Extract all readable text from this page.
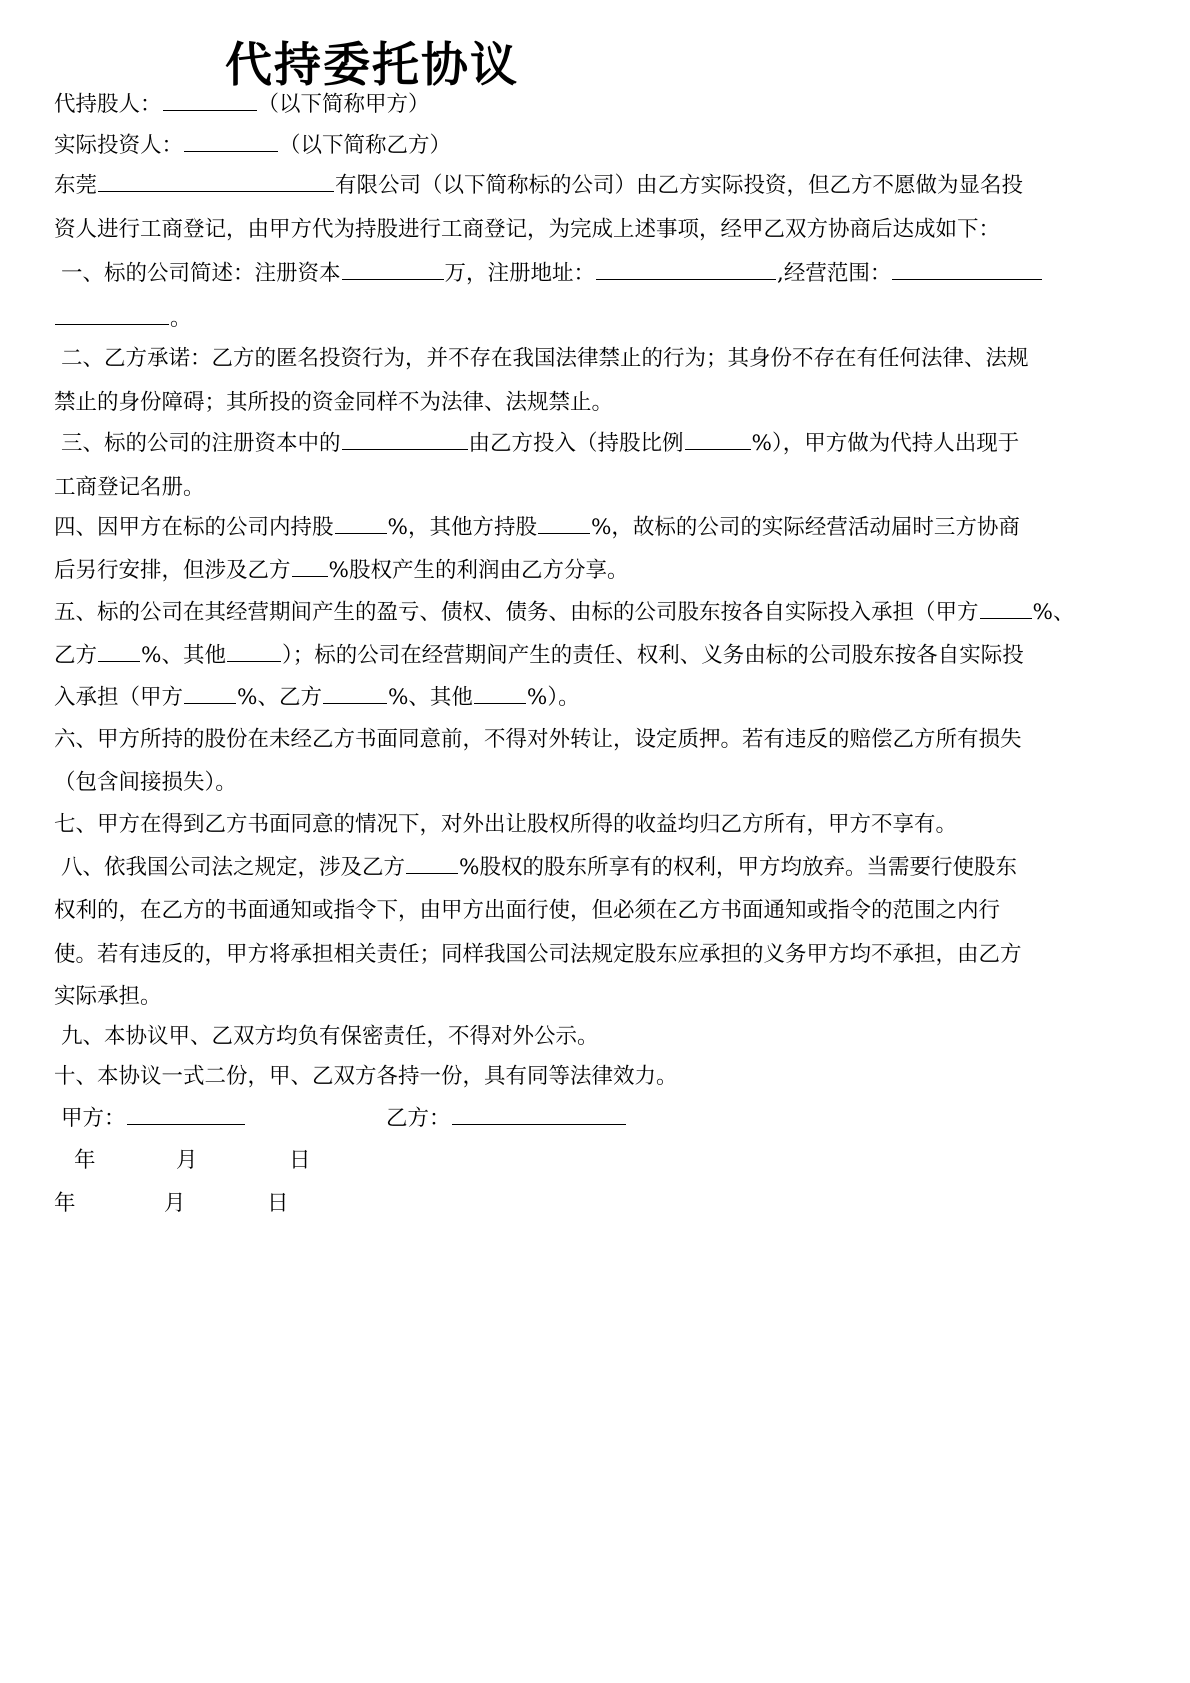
代持委托协议
代持股人：	（以下简称甲方）
实际投资人：	（以下简称乙方）
东莞	有限公司（以下简称标的公司）由乙方实际投资，但乙方不愿做为显名投
资人进行工商登记，由甲方代为持股进行工商登记，为完成上述事项，经甲乙双方协商后达成如下：
一、标的公司简述：注册资本	万，注册地址：	,经营范围：
。
二、乙方承诺：乙方的匿名投资行为，并不存在我国法律禁止的行为；其身份不存在有任何法律、法规
禁止的身份障碍；其所投的资金同样不为法律、法规禁止。
三、标的公司的注册资本中的	由乙方投入（持股比例	%），甲方做为代持人出现于
工商登记名册。
四、因甲方在标的公司内持股	%，其他方持股	%，故标的公司的实际经营活动届时三方协商
后另行安排，但涉及乙方 %股权产生的利润由乙方分享。
五、标的公司在其经营期间产生的盈亏、债权、债务、由标的公司股东按各自实际投入承担（甲方	%、
乙方 %、其他	）；标的公司在经营期间产生的责任、权利、义务由标的公司股东按各自实际投
入承担（甲方	%、乙方	%、其他	%）。
六、甲方所持的股份在未经乙方书面同意前，不得对外转让，设定质押。若有违反的赔偿乙方所有损失
（包含间接损失）。
七、甲方在得到乙方书面同意的情况下，对外出让股权所得的收益均归乙方所有，甲方不享有。
八、依我国公司法之规定，涉及乙方	%股权的股东所享有的权利，甲方均放弃。当需要行使股东
权利的，在乙方的书面通知或指令下，由甲方出面行使，但必须在乙方书面通知或指令的范围之内行
使。若有违反的，甲方将承担相关责任；同样我国公司法规定股东应承担的义务甲方均不承担，由乙方
实际承担。
九、本协议甲、乙双方均负有保密责任，不得对外公示。
十、本协议一式二份，甲、乙双方各持一份，具有同等法律效力。
甲方：	乙方：
年	月	日
年	月	日
